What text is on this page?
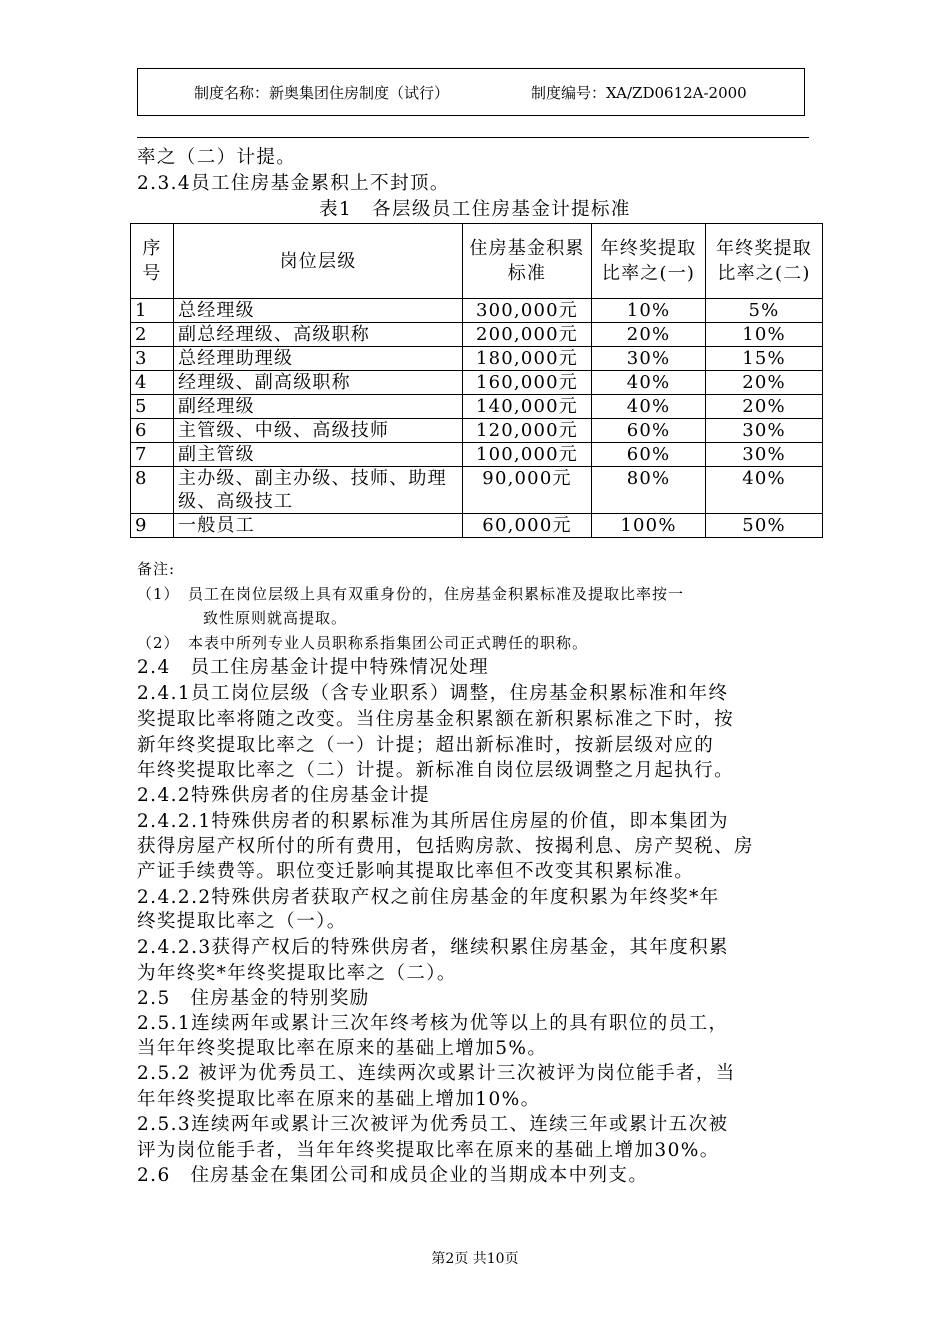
制度名称：新奥集团住房制度（试行）	制度编号：XA/ZD0612A-2000
率之（二）计提。
2.3.4员工住房基金累积上不封顶。
表1　各层级员工住房基金计提标准
序号	岗位层级	住房基金积累标准	年终奖提取比率之(一)	年终奖提取比率之(二)
1	总经理级	300,000元	10%	5%
2	副总经理级、高级职称	200,000元	20%	10%
3	总经理助理级	180,000元	30%	15%
4	经理级、副高级职称	160,000元	40%	20%
5	副经理级	140,000元	40%	20%
6	主管级、中级、高级技师	120,000元	60%	30%
7	副主管级	100,000元	60%	30%
8	主办级、副主办级、技师、助理级、高级技工	90,000元	80%	40%
9	一般员工	60,000元	100%	50%
备注:
（1）　员工在岗位层级上具有双重身份的，住房基金积累标准及提取比率按一
致性原则就高提取。
（2）　本表中所列专业人员职称系指集团公司正式聘任的职称。
2.4　员工住房基金计提中特殊情况处理
2.4.1员工岗位层级（含专业职系）调整，住房基金积累标准和年终
奖提取比率将随之改变。当住房基金积累额在新积累标准之下时，按
新年终奖提取比率之（一）计提；超出新标准时，按新层级对应的
年终奖提取比率之（二）计提。新标准自岗位层级调整之月起执行。
2.4.2特殊供房者的住房基金计提
2.4.2.1特殊供房者的积累标准为其所居住房屋的价值，即本集团为
获得房屋产权所付的所有费用，包括购房款、按揭利息、房产契税、房
产证手续费等。职位变迁影响其提取比率但不改变其积累标准。
2.4.2.2特殊供房者获取产权之前住房基金的年度积累为年终奖*年
终奖提取比率之（一）。
2.4.2.3获得产权后的特殊供房者，继续积累住房基金，其年度积累
为年终奖*年终奖提取比率之（二）。
2.5　住房基金的特别奖励
2.5.1连续两年或累计三次年终考核为优等以上的具有职位的员工，
当年年终奖提取比率在原来的基础上增加5%。
2.5.2 被评为优秀员工、连续两次或累计三次被评为岗位能手者，当
年年终奖提取比率在原来的基础上增加10%。
2.5.3连续两年或累计三次被评为优秀员工、连续三年或累计五次被
评为岗位能手者，当年年终奖提取比率在原来的基础上增加30%。
2.6　住房基金在集团公司和成员企业的当期成本中列支。
第2页 共10页
